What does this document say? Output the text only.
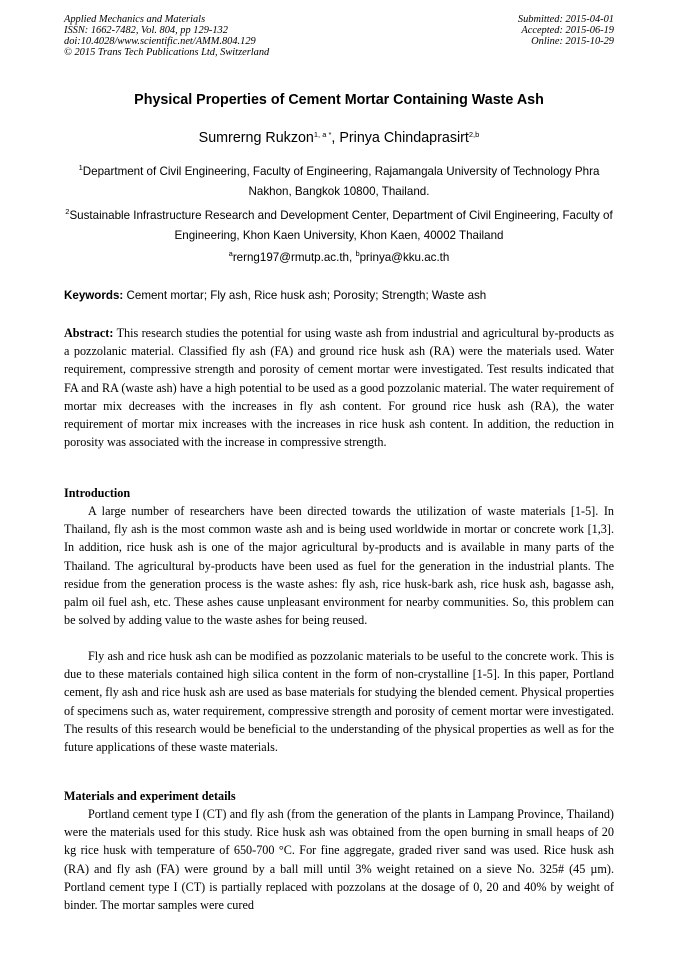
Applied Mechanics and Materials
ISSN: 1662-7482, Vol. 804, pp 129-132
doi:10.4028/www.scientific.net/AMM.804.129
© 2015 Trans Tech Publications Ltd, Switzerland
Submitted: 2015-04-01
Accepted: 2015-06-19
Online: 2015-10-29
Physical Properties of Cement Mortar Containing Waste Ash
Sumrerng Rukzon$^{1, a *}$, Prinya Chindaprasirt$^{2,b}$
$^1$Department of Civil Engineering, Faculty of Engineering, Rajamangala University of Technology Phra Nakhon, Bangkok 10800, Thailand.
$^2$Sustainable Infrastructure Research and Development Center, Department of Civil Engineering, Faculty of Engineering, Khon Kaen University, Khon Kaen, 40002 Thailand
$^a$rerng197@rmutp.ac.th, $^b$prinya@kku.ac.th
Keywords: Cement mortar; Fly ash, Rice husk ash; Porosity; Strength; Waste ash

Abstract: This research studies the potential for using waste ash from industrial and agricultural by-products as a pozzolanic material. Classified fly ash (FA) and ground rice husk ash (RA) were the materials used. Water requirement, compressive strength and porosity of cement mortar were investigated. Test results indicated that FA and RA (waste ash) have a high potential to be used as a good pozzolanic material. The water requirement of mortar mix decreases with the increases in fly ash content. For ground rice husk ash (RA), the water requirement of mortar mix increases with the increases in rice husk ash content. In addition, the reduction in porosity was associated with the increase in compressive strength.

Introduction

A large number of researchers have been directed towards the utilization of waste materials [1-5]. In Thailand, fly ash is the most common waste ash and is being used worldwide in mortar or concrete work [1,3]. In addition, rice husk ash is one of the major agricultural by-products and is available in many parts of the Thailand. The agricultural by-products have been used as fuel for the generation in the industrial plants. The residue from the generation process is the waste ashes: fly ash, rice husk-bark ash, rice husk ash, bagasse ash, palm oil fuel ash, etc. These ashes cause unpleasant environment for nearby communities. So, this problem can be solved by adding value to the waste ashes for being reused.

Fly ash and rice husk ash can be modified as pozzolanic materials to be useful to the concrete work. This is due to these materials contained high silica content in the form of non-crystalline [1-5]. In this paper, Portland cement, fly ash and rice husk ash are used as base materials for studying the blended cement. Physical properties of specimens such as, water requirement, compressive strength and porosity of cement mortar were investigated. The results of this research would be beneficial to the understanding of the physical properties as well as for the future applications of these waste materials.

Materials and experiment details

Portland cement type I (CT) and fly ash (from the generation of the plants in Lampang Province, Thailand) were the materials used for this study. Rice husk ash was obtained from the open burning in small heaps of 20 kg rice husk with temperature of 650-700 °C. For fine aggregate, graded river sand was used. Rice husk ash (RA) and fly ash (FA) were ground by a ball mill until 3% weight retained on a sieve No. 325# (45 µm). Portland cement type I (CT) is partially replaced with pozzolans at the dosage of 0, 20 and 40% by weight of binder. The mortar samples were cured
